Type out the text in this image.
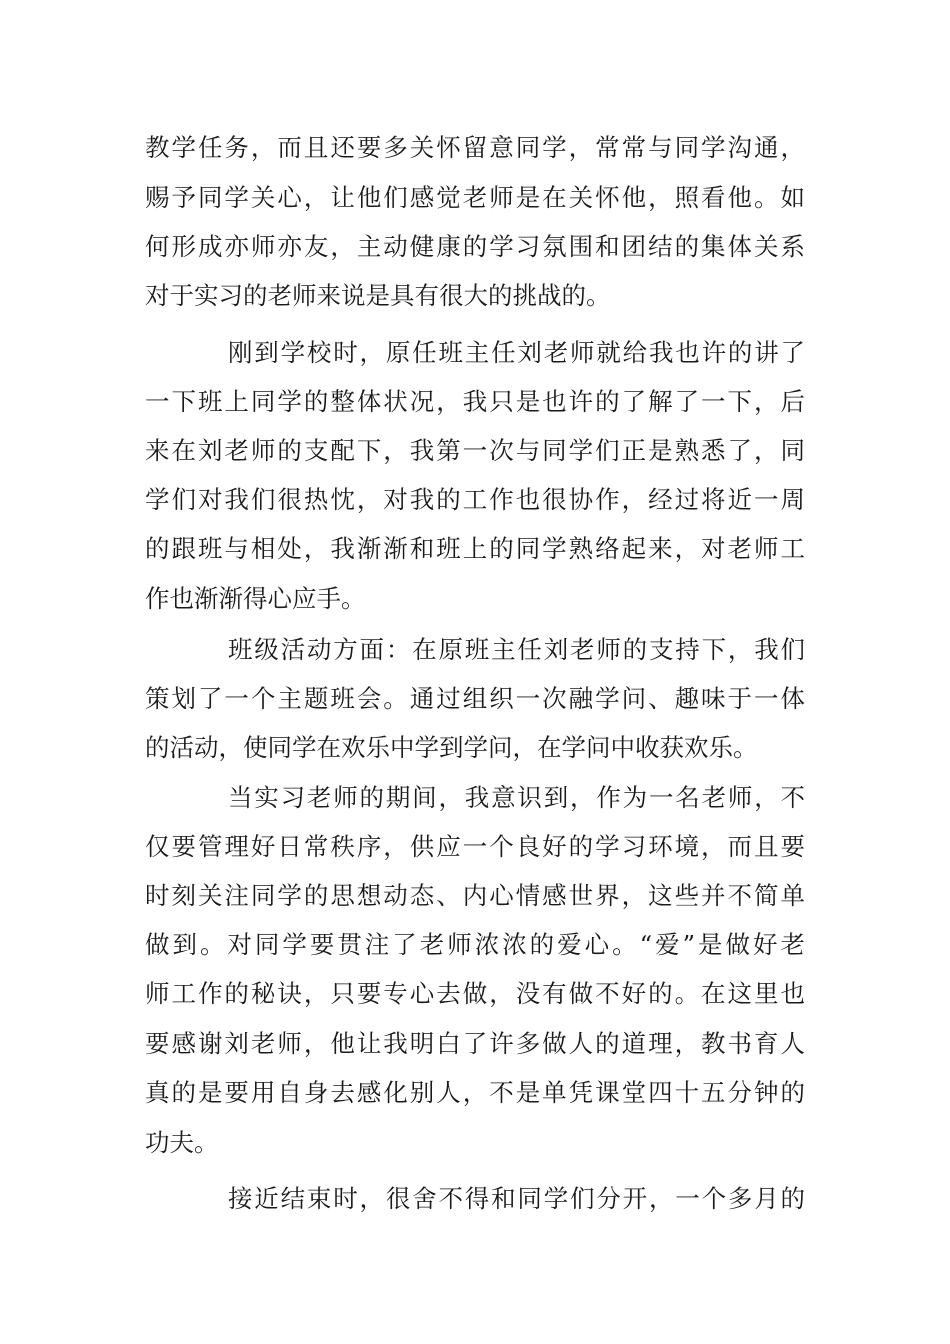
教学任务，而且还要多关怀留意同学，常常与同学沟通，
赐予同学关心，让他们感觉老师是在关怀他，照看他。如
何形成亦师亦友，主动健康的学习氛围和团结的集体关系
对于实习的老师来说是具有很大的挑战的。
刚到学校时，原任班主任刘老师就给我也许的讲了
一下班上同学的整体状况，我只是也许的了解了一下，后
来在刘老师的支配下，我第一次与同学们正是熟悉了，同
学们对我们很热忱，对我的工作也很协作，经过将近一周
的跟班与相处，我渐渐和班上的同学熟络起来，对老师工
作也渐渐得心应手。
班级活动方面：在原班主任刘老师的支持下，我们
策划了一个主题班会。通过组织一次融学问、趣味于一体
的活动，使同学在欢乐中学到学问，在学问中收获欢乐。
当实习老师的期间，我意识到，作为一名老师，不
仅要管理好日常秩序，供应一个良好的学习环境，而且要
时刻关注同学的思想动态、内心情感世界，这些并不简单
做到。对同学要贯注了老师浓浓的爱心。“爱”是做好老
师工作的秘诀，只要专心去做，没有做不好的。在这里也
要感谢刘老师，他让我明白了许多做人的道理，教书育人
真的是要用自身去感化别人，不是单凭课堂四十五分钟的
功夫。
接近结束时，很舍不得和同学们分开，一个多月的
